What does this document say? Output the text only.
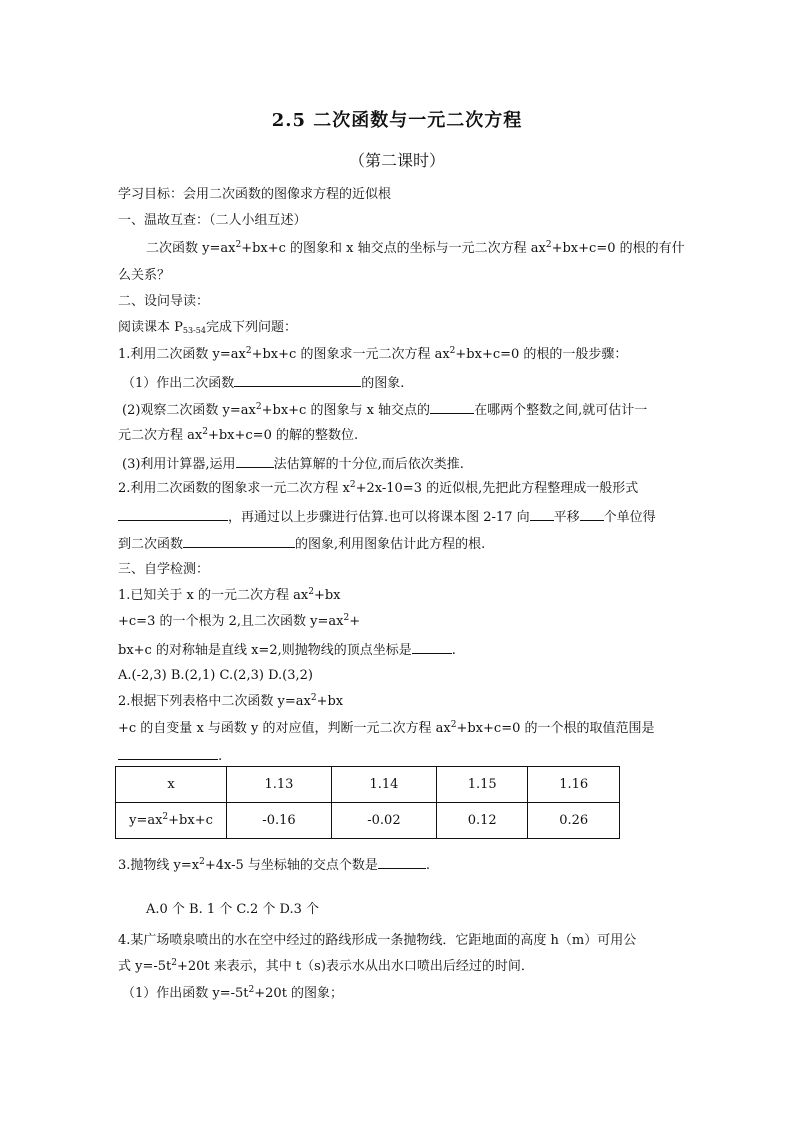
2.5 二次函数与一元二次方程
（第二课时）
学习目标：会用二次函数的图像求方程的近似根
一、温故互查：（二人小组互述）
二次函数 $y=ax^2+bx+c$ 的图象和 x 轴交点的坐标与一元二次方程 $ax^2+bx+c=0$ 的根的有什
么关系？
二、设问导读：
阅读课本 $P_{53-54}$完成下列问题：
1.利用二次函数 $y=ax^2+bx+c$ 的图象求一元二次方程 $ax^2+bx+c=0$ 的根的一般步骤：
（1）作出二次函数	的图象.
(2)观察二次函数 $y=ax^2+bx+c$ 的图象与 x 轴交点的	在哪两个整数之间,就可估计一
元二次方程 $ax^2+bx+c=0$ 的解的整数位.
(3)利用计算器,运用	法估算解的十分位,而后依次类推.
2.利用二次函数的图象求一元二次方程 $x^2+2x-10=3$ 的近似根,先把此方程整理成一般形式
，再通过以上步骤进行估算.也可以将课本图 2-17 向 平移 个单位得
到二次函数	的图象,利用图象估计此方程的根.
三、自学检测：
1.已知关于 x 的一元二次方程 $ax^2+bx$
+c=3 的一个根为 2,且二次函数 $y=ax^2+$
bx+c 的对称轴是直线 x=2,则抛物线的顶点坐标是	.
A.(-2,3) B.(2,1) C.(2,3) D.(3,2)
2.根据下列表格中二次函数 $y=ax^2+bx$
+c 的自变量 x 与函数 y 的对应值，判断一元二次方程 $ax^2+bx+c=0$ 的一个根的取值范围是
.
x	1.13	1.14	1.15	1.16
$y=ax^2+bx+c$	-0.16	-0.02	0.12	0.26
3.抛物线 $y=x^2+4x-5$ 与坐标轴的交点个数是	.
A.0 个 B. 1 个 C.2 个 D.3 个
4.某广场喷泉喷出的水在空中经过的路线形成一条抛物线．它距地面的高度 h（m）可用公
式 $y=-5t^2+20t$ 来表示，其中 t（s)表示水从出水口喷出后经过的时间．
（1）作出函数 $y=-5t^2+20t$ 的图象；
